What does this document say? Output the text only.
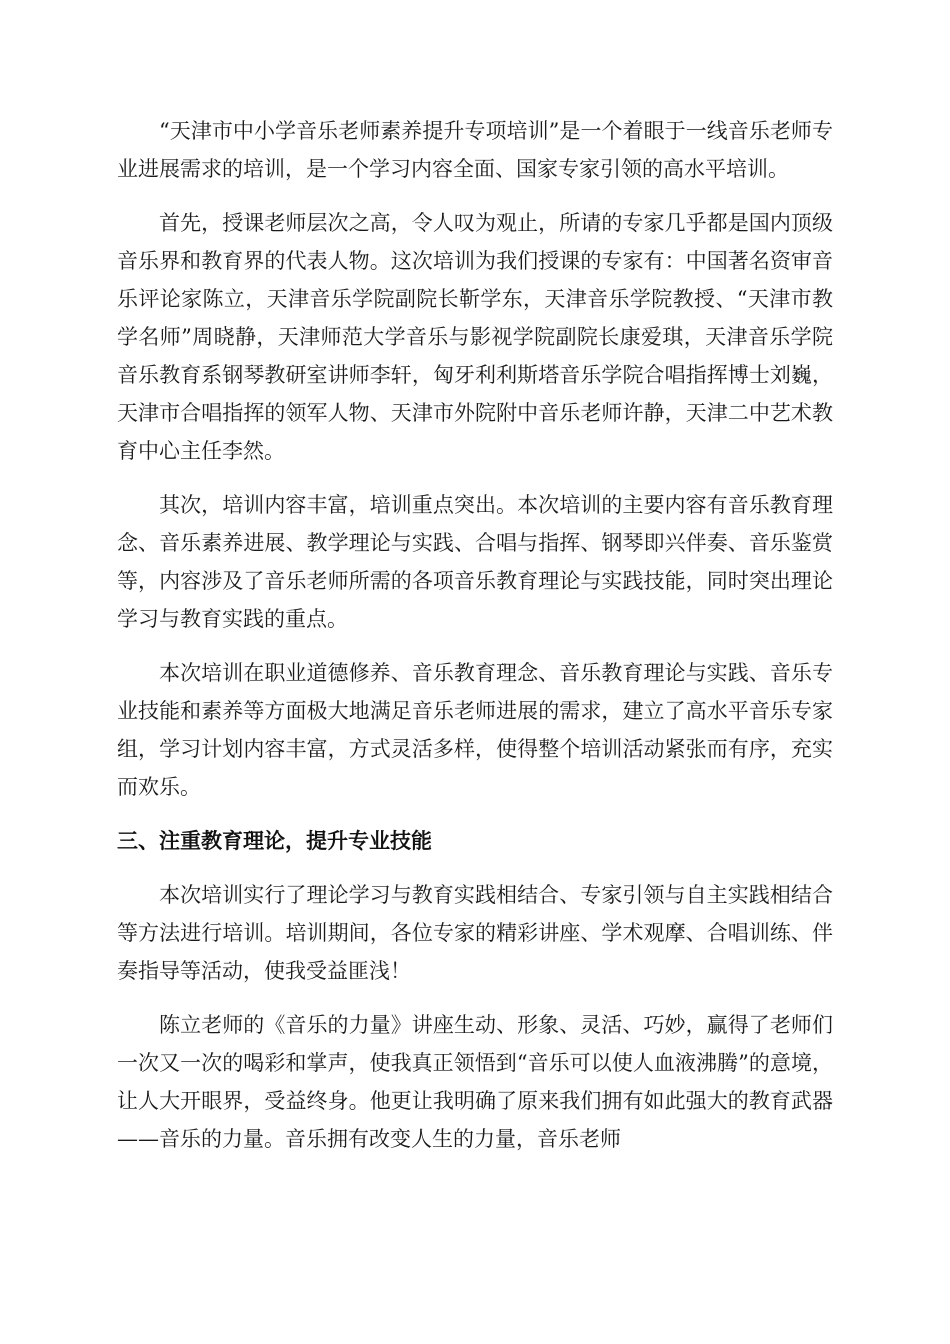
“天津市中小学音乐老师素养提升专项培训”是一个着眼于一线音乐老师专业进展需求的培训，是一个学习内容全面、国家专家引领的高水平培训。

首先，授课老师层次之高，令人叹为观止，所请的专家几乎都是国内顶级音乐界和教育界的代表人物。这次培训为我们授课的专家有：中国著名资审音乐评论家陈立，天津音乐学院副院长靳学东，天津音乐学院教授、“天津市教学名师”周晓静，天津师范大学音乐与影视学院副院长康爱琪，天津音乐学院音乐教育系钢琴教研室讲师李轩，匈牙利利斯塔音乐学院合唱指挥博士刘巍，天津市合唱指挥的领军人物、天津市外院附中音乐老师许静，天津二中艺术教育中心主任李然。

其次，培训内容丰富，培训重点突出。本次培训的主要内容有音乐教育理念、音乐素养进展、教学理论与实践、合唱与指挥、钢琴即兴伴奏、音乐鉴赏等，内容涉及了音乐老师所需的各项音乐教育理论与实践技能，同时突出理论学习与教育实践的重点。

本次培训在职业道德修养、音乐教育理念、音乐教育理论与实践、音乐专业技能和素养等方面极大地满足音乐老师进展的需求，建立了高水平音乐专家组，学习计划内容丰富，方式灵活多样，使得整个培训活动紧张而有序，充实而欢乐。

三、注重教育理论，提升专业技能

本次培训实行了理论学习与教育实践相结合、专家引领与自主实践相结合等方法进行培训。培训期间，各位专家的精彩讲座、学术观摩、合唱训练、伴奏指导等活动，使我受益匪浅！

陈立老师的《音乐的力量》讲座生动、形象、灵活、巧妙，赢得了老师们一次又一次的喝彩和掌声，使我真正领悟到“音乐可以使人血液沸腾”的意境，让人大开眼界，受益终身。他更让我明确了原来我们拥有如此强大的教育武器——音乐的力量。音乐拥有改变人生的力量，音乐老师
